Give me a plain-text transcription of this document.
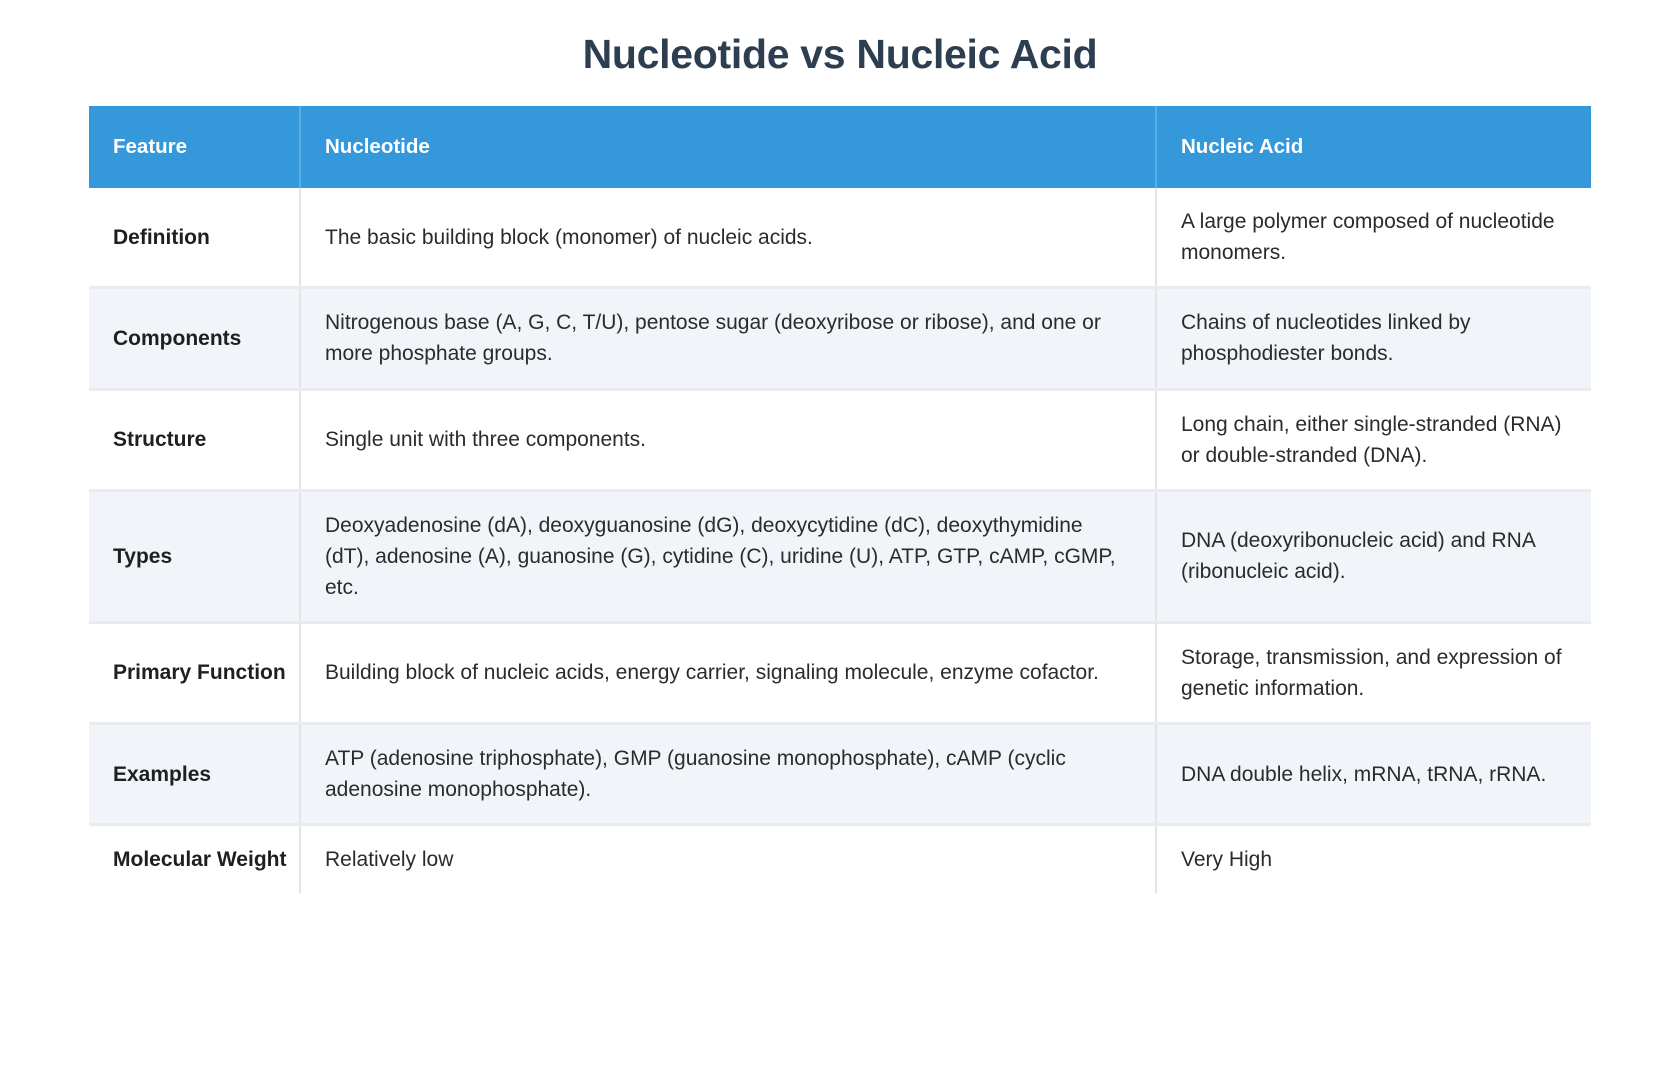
Nucleotide vs Nucleic Acid
Feature	Nucleotide	Nucleic Acid
Definition	The basic building block (monomer) of nucleic acids.	A large polymer composed of nucleotide monomers.
Components	Nitrogenous base (A, G, C, T/U), pentose sugar (deoxyribose or ribose), and one or more phosphate groups.	Chains of nucleotides linked by phosphodiester bonds.
Structure	Single unit with three components.	Long chain, either single-stranded (RNA) or double-stranded (DNA).
Types	Deoxyadenosine (dA), deoxyguanosine (dG), deoxycytidine (dC), deoxythymidine (dT), adenosine (A), guanosine (G), cytidine (C), uridine (U), ATP, GTP, cAMP, cGMP, etc.	DNA (deoxyribonucleic acid) and RNA (ribonucleic acid).
Primary Function	Building block of nucleic acids, energy carrier, signaling molecule, enzyme cofactor.	Storage, transmission, and expression of genetic information.
Examples	ATP (adenosine triphosphate), GMP (guanosine monophosphate), cAMP (cyclic adenosine monophosphate).	DNA double helix, mRNA, tRNA, rRNA.
Molecular Weight	Relatively low	Very High
